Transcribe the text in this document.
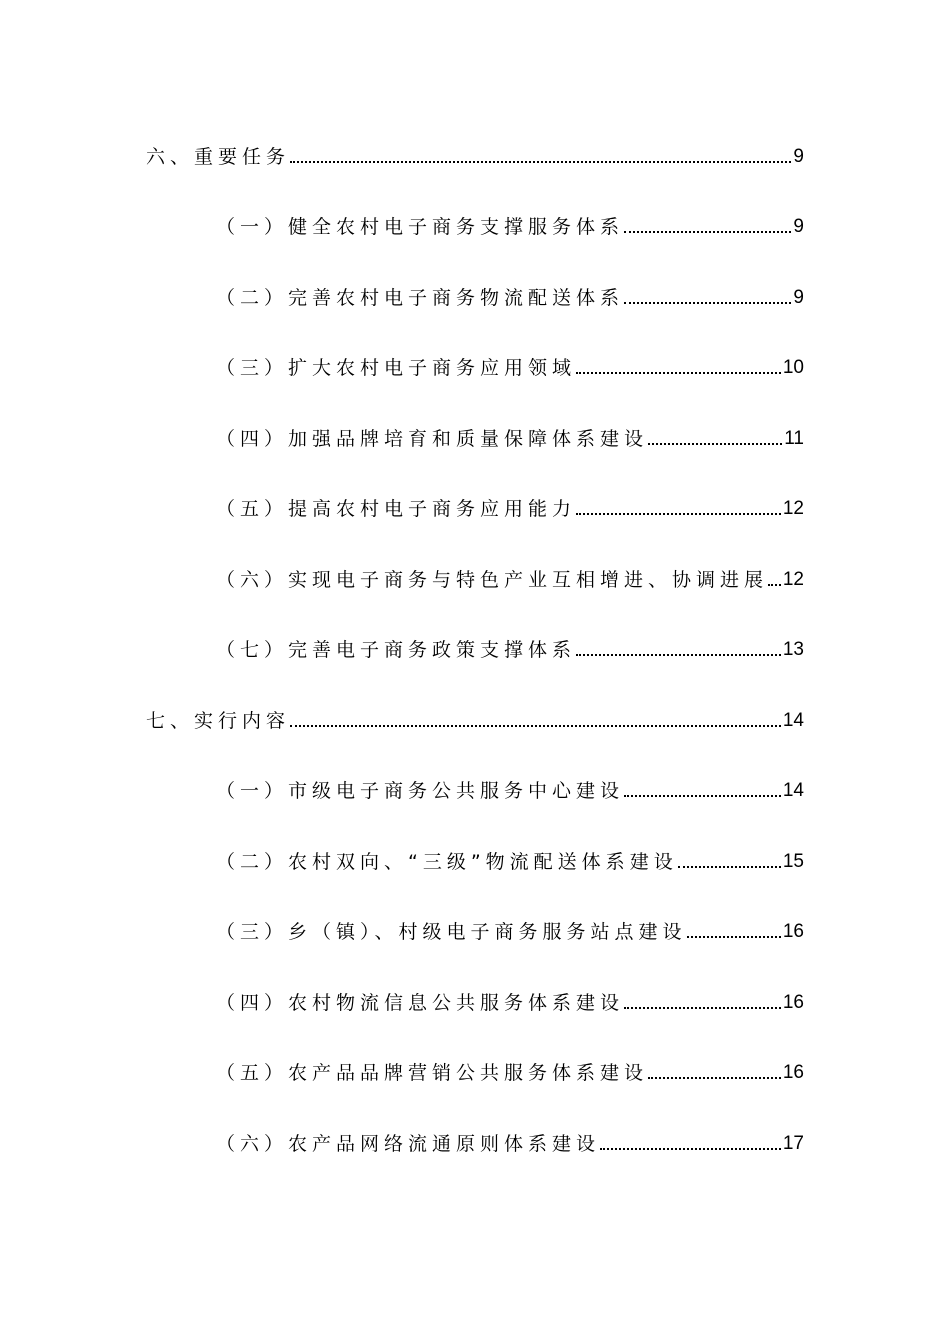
六、重要任务	9
（一）健全农村电子商务支撑服务体系	9
（二）完善农村电子商务物流配送体系	9
（三）扩大农村电子商务应用领域	10
（四）加强品牌培育和质量保障体系建设	11
（五）提高农村电子商务应用能力	12
（六）实现电子商务与特色产业互相增进、协调进展 12
（七）完善电子商务政策支撑体系	13
七、实行内容	14
（一）市级电子商务公共服务中心建设	14
（二）农村双向、“三级”物流配送体系建设	15
（三）乡（镇）、村级电子商务服务站点建设	16
（四）农村物流信息公共服务体系建设	16
（五）农产品品牌营销公共服务体系建设	16
（六）农产品网络流通原则体系建设	17
